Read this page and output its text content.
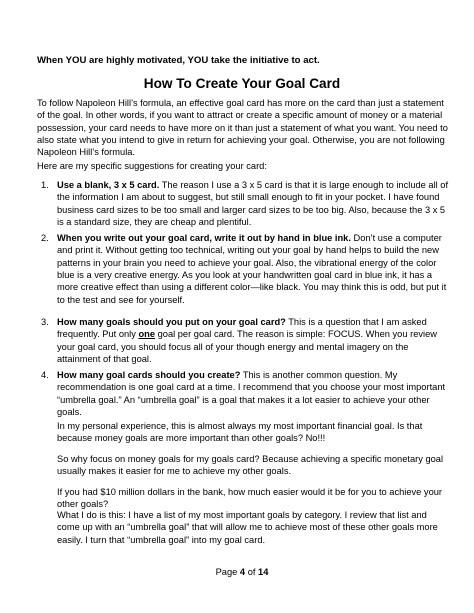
When YOU are highly motivated, YOU take the initiative to act.
How To Create Your Goal Card

To follow Napoleon Hill’s formula, an effective goal card has more on the card than just a statement of the goal. In other words, if you want to attract or create a specific amount of money or a material possession, your card needs to have more on it than just a statement of what you want. You need to also state what you intend to give in return for achieving your goal. Otherwise, you are not following Napoleon Hill’s formula.

Here are my specific suggestions for creating your card:

1. Use a blank, 3 x 5 card. The reason I use a 3 x 5 card is that it is large enough to include all of the information I am about to suggest, but still small enough to fit in your pocket. I have found business card sizes to be too small and larger card sizes to be too big. Also, because the 3 x 5 is a standard size, they are cheap and plentiful.

2. When you write out your goal card, write it out by hand in blue ink. Don’t use a computer and print it. Without getting too technical, writing out your goal by hand helps to build the new patterns in your brain you need to achieve your goal. Also, the vibrational energy of the color blue is a very creative energy. As you look at your handwritten goal card in blue ink, it has a more creative effect than using a different color—like black. You may think this is odd, but put it to the test and see for yourself.

3. How many goals should you put on your goal card? This is a question that I am asked frequently. Put only one goal per goal card. The reason is simple: FOCUS. When you review your goal card, you should focus all of your though energy and mental imagery on the attainment of that goal.

4. How many goal cards should you create? This is another common question. My recommendation is one goal card at a time. I recommend that you choose your most important “umbrella goal.” An “umbrella goal” is a goal that makes it a lot easier to achieve your other goals.

In my personal experience, this is almost always my most important financial goal. Is that because money goals are more important than other goals? No!!!

So why focus on money goals for my goals card? Because achieving a specific monetary goal usually makes it easier for me to achieve my other goals.

If you had $10 million dollars in the bank, how much easier would it be for you to achieve your other goals?

Page 4 of 14

What I do is this: I have a list of my most important goals by category. I review that list and come up with an “umbrella goal” that will allow me to achieve most of these other goals more easily. I turn that “umbrella goal” into my goal card.
